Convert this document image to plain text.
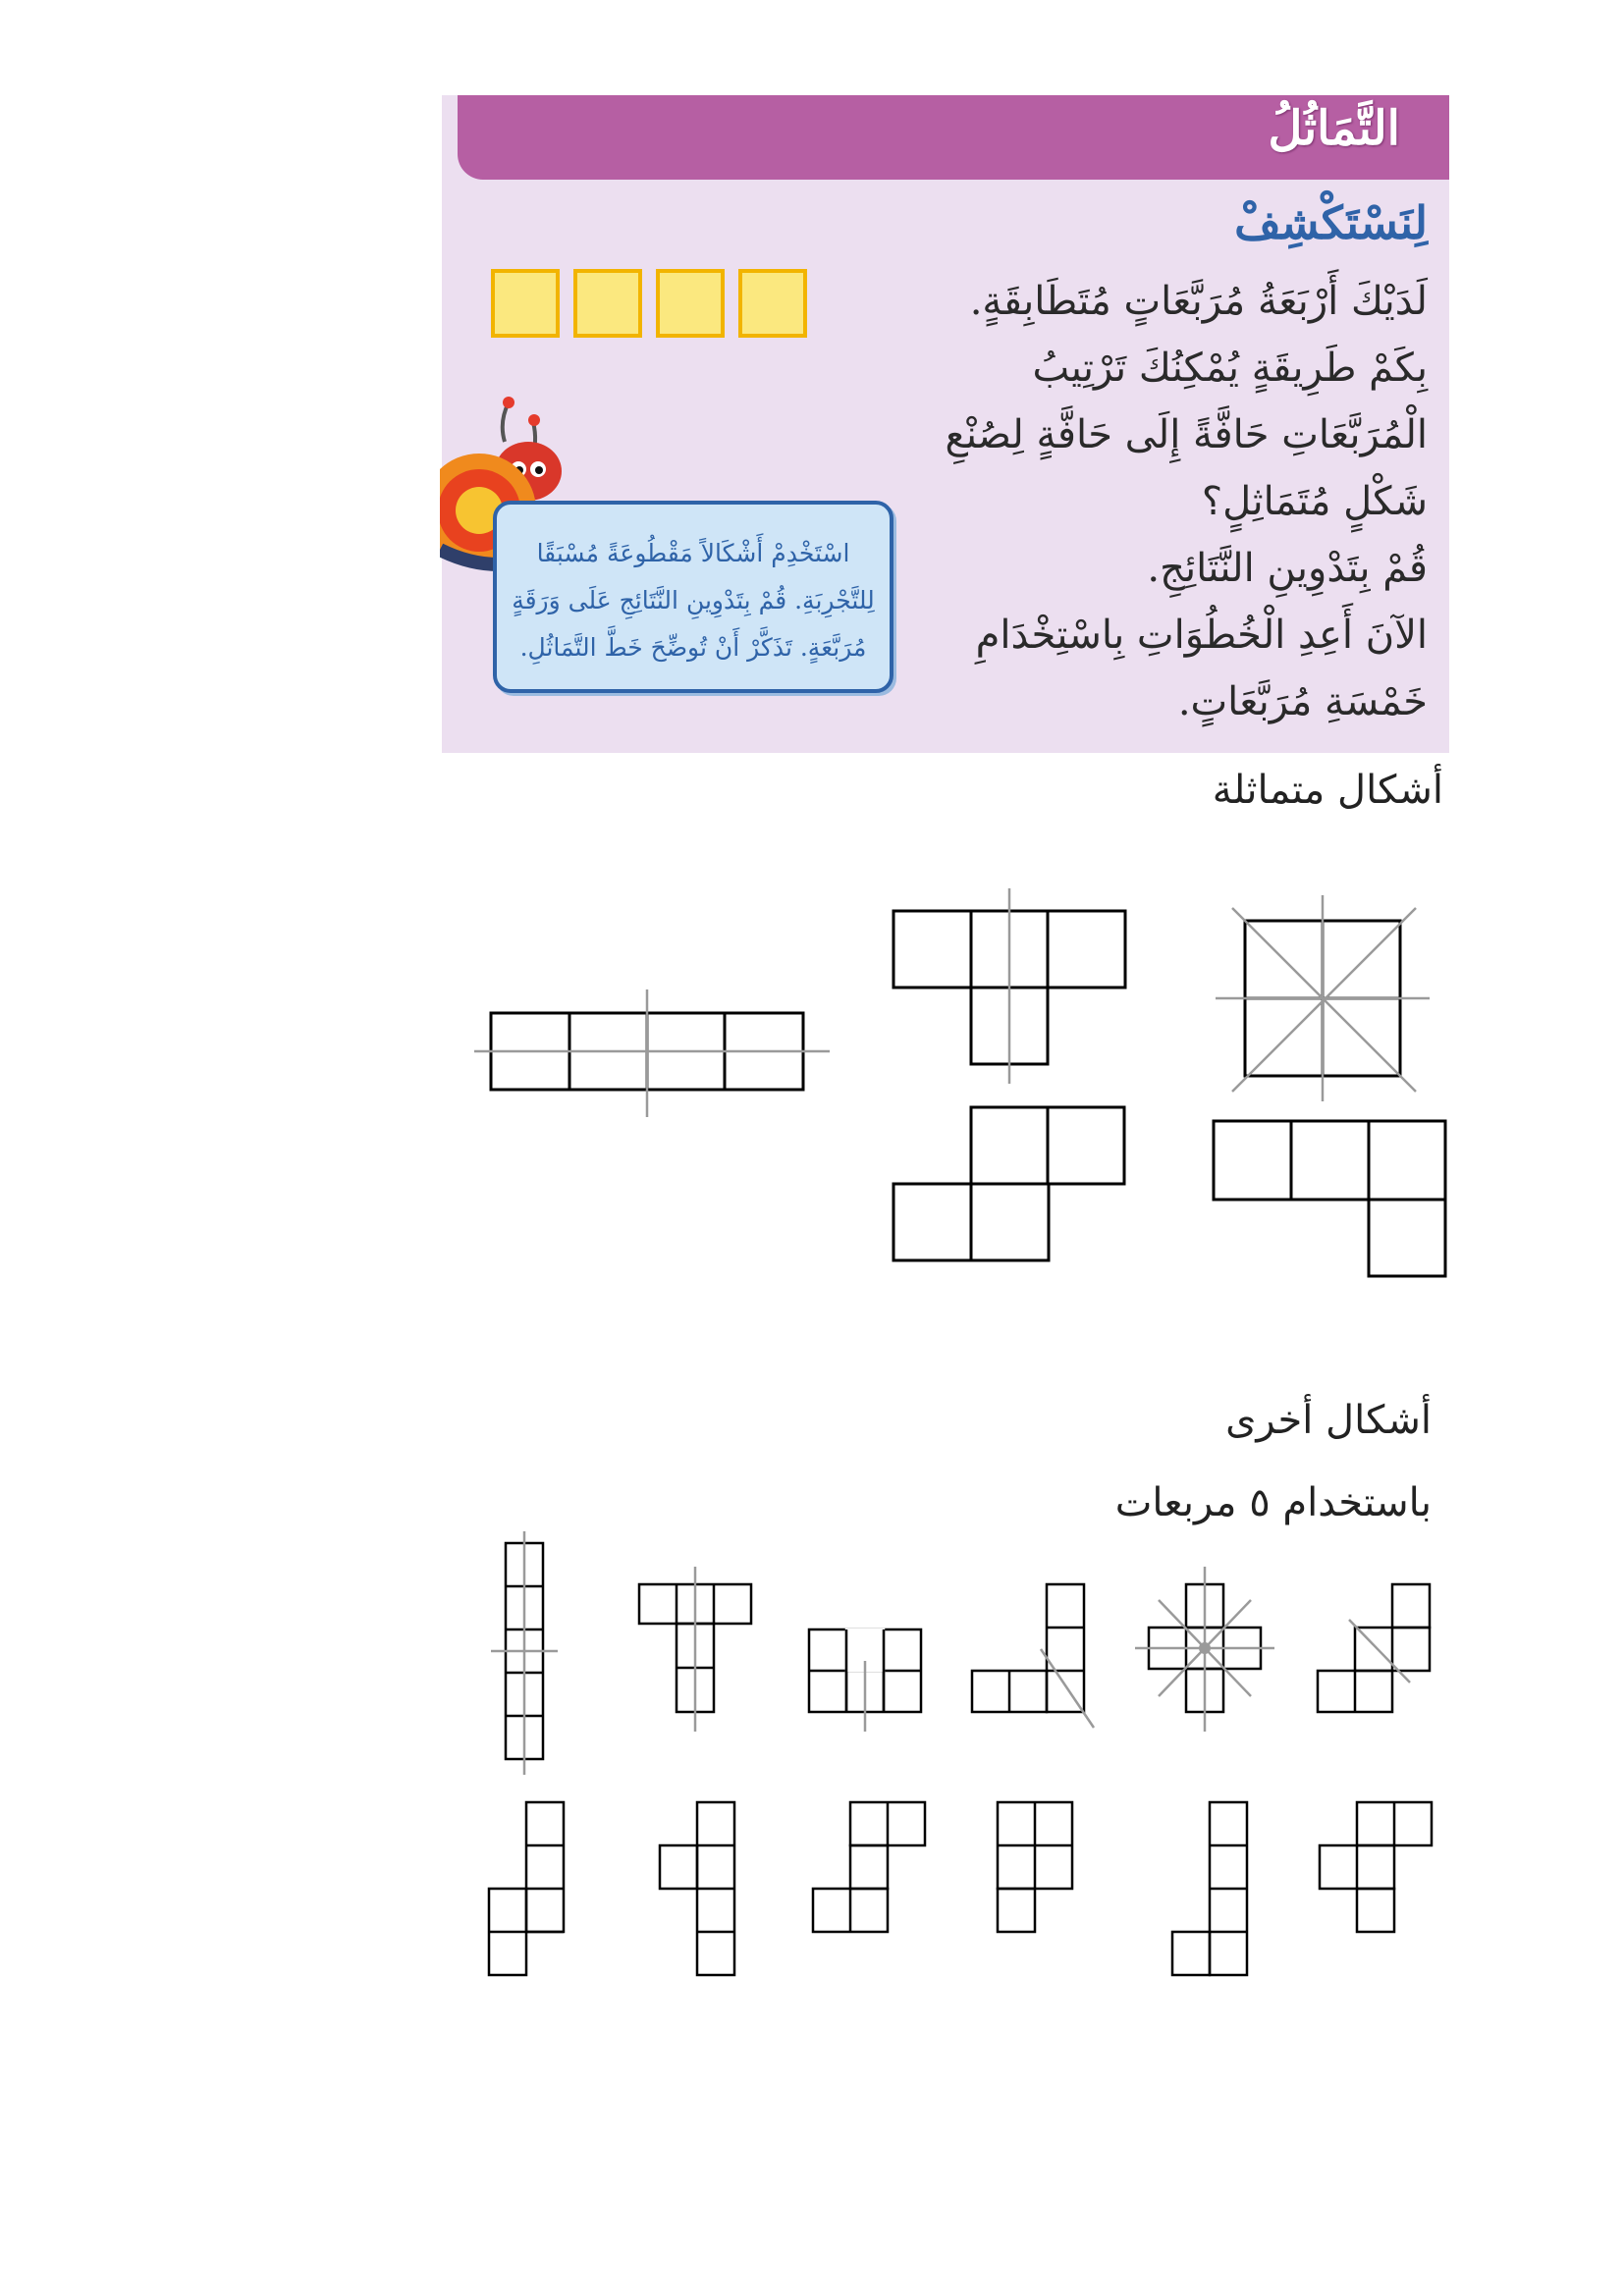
التَّمَاثُلُ
لِنَسْتَكْشِفْ
لَدَيْكَ أَرْبَعَةُ مُرَبَّعَاتٍ مُتَطَابِقَةٍ.
بِكَمْ طَرِيقَةٍ يُمْكِنُكَ تَرْتِيبُ
الْمُرَبَّعَاتِ حَافَّةً إِلَى حَافَّةٍ لِصُنْعِ
شَكْلٍ مُتَمَاثِلٍ؟
قُمْ بِتَدْوِينِ النَّتَائِجِ.
الآنَ أَعِدِ الْخُطُوَاتِ بِاسْتِخْدَامِ
خَمْسَةِ مُرَبَّعَاتٍ.
اسْتَخْدِمْ أَشْكَالاً مَقْطُوعَةً مُسْبَقًا
لِلتَّجْرِبَةِ. قُمْ بِتَدْوِينِ النَّتَائِجِ عَلَى وَرَقَةٍ
مُرَبَّعَةٍ. تَذَكَّرْ أَنْ تُوضِّحَ خَطَّ التَّمَاثُلِ.
أشكال متماثلة
أشكال أخرى
باستخدام ٥ مربعات
